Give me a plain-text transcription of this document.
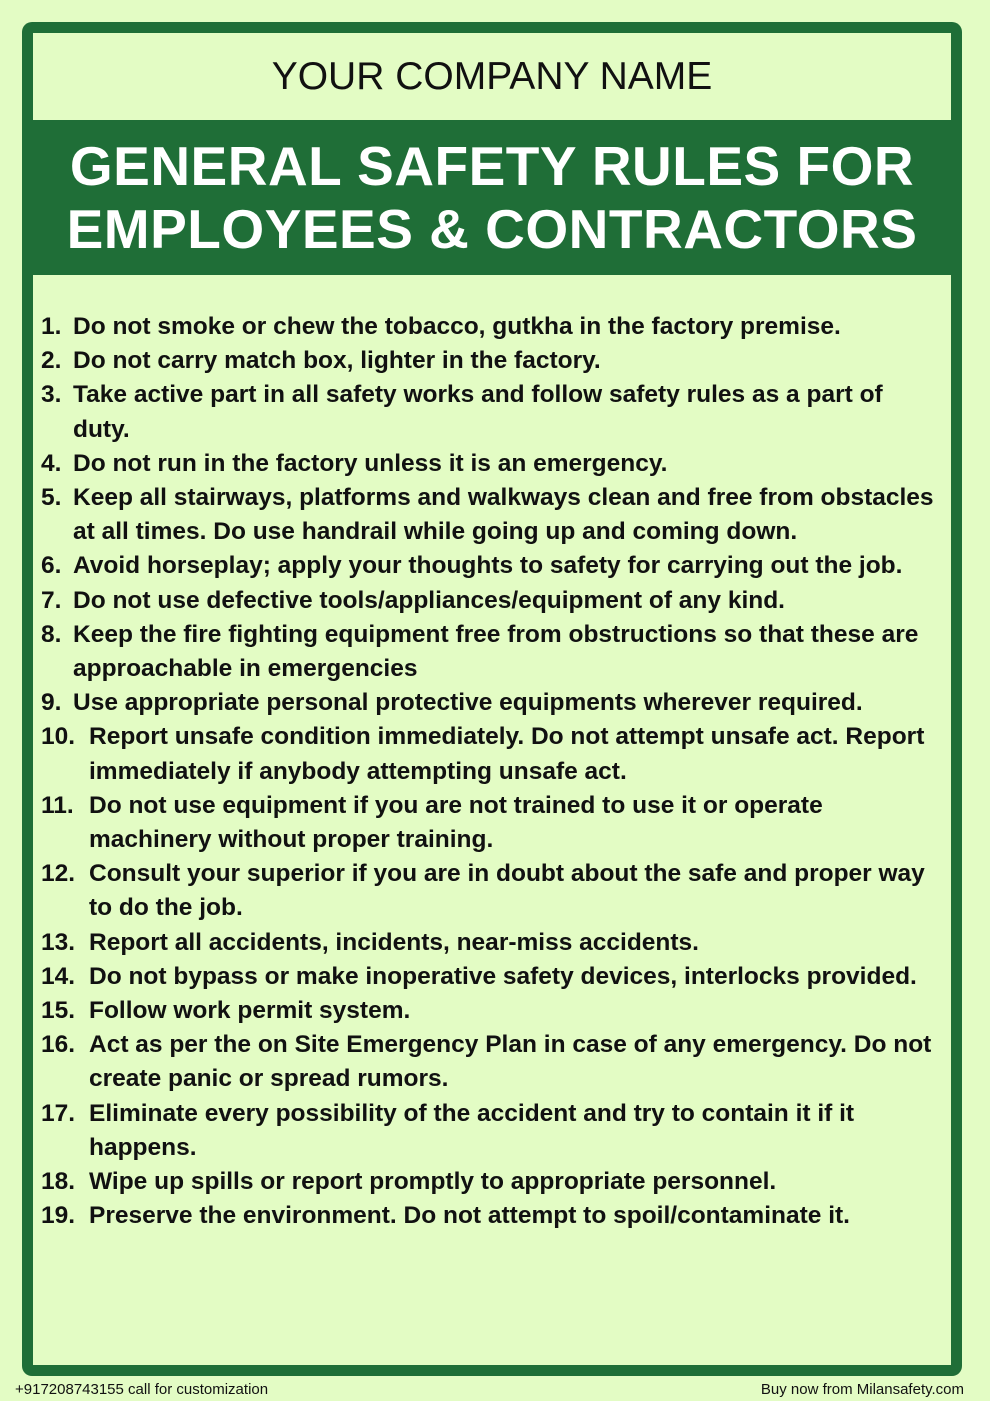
YOUR COMPANY NAME
GENERAL SAFETY RULES FOR
EMPLOYEES & CONTRACTORS
1. Do not smoke or chew the tobacco, gutkha in the factory premise.
2. Do not carry match box, lighter in the factory.
3. Take active part in all safety works and follow safety rules as a part of duty.
4. Do not run in the factory unless it is an emergency.
5. Keep all stairways, platforms and walkways clean and free from obstacles at all times. Do use handrail while going up and coming down.
6. Avoid horseplay; apply your thoughts to safety for carrying out the job.
7. Do not use defective tools/appliances/equipment of any kind.
8. Keep the fire fighting equipment free from obstructions so that these are approachable in emergencies
9. Use appropriate personal protective equipments wherever required.
10. Report unsafe condition immediately. Do not attempt unsafe act. Report immediately if anybody attempting unsafe act.
11. Do not use equipment if you are not trained to use it or operate machinery without proper training.
12. Consult your superior if you are in doubt about the safe and proper way to do the job.
13. Report all accidents, incidents, near-miss accidents.
14. Do not bypass or make inoperative safety devices, interlocks provided.
15. Follow work permit system.
16. Act as per the on Site Emergency Plan in case of any emergency. Do not create panic or spread rumors.
17. Eliminate every possibility of the accident and try to contain it if it happens.
18. Wipe up spills or report promptly to appropriate personnel.
19. Preserve the environment. Do not attempt to spoil/contaminate it.
+917208743155 call for customization	Buy now from Milansafety.com
